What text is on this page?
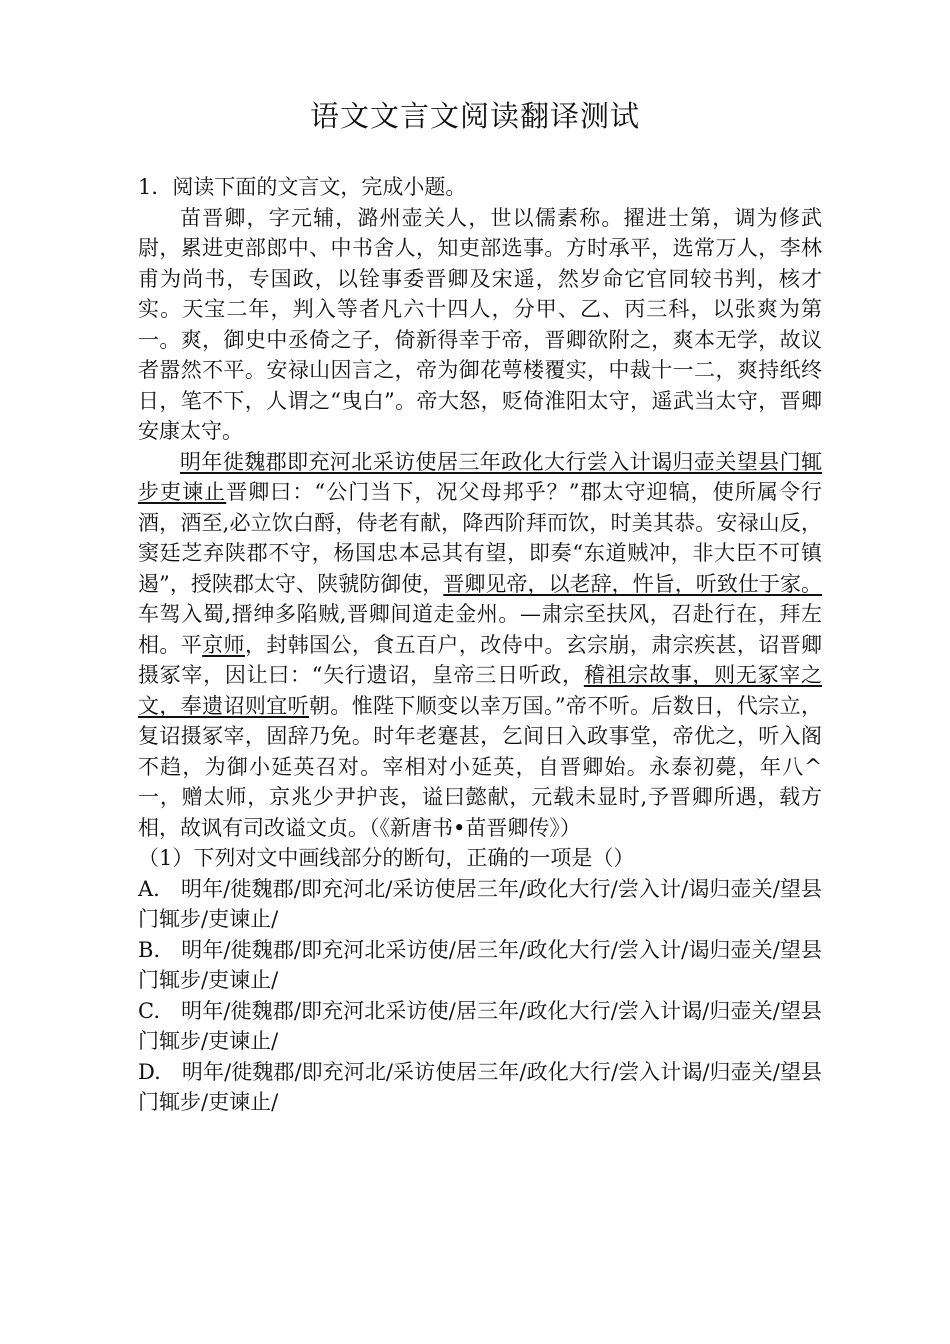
语文文言文阅读翻译测试

1．阅读下面的文言文，完成小题。

苗晋卿，字元辅，潞州壶关人，世以儒素称。擢进士第，调为修武尉，累进吏部郎中、中书舍人，知吏部选事。方时承平，选常万人，李林甫为尚书，专国政，以铨事委晋卿及宋遥，然岁命它官同较书判，核才实。天宝二年，判入等者凡六十四人，分甲、乙、丙三科，以张爽为第一。爽，御史中丞倚之子，倚新得幸于帝，晋卿欲附之，爽本无学，故议者嚣然不平。安禄山因言之，帝为御花萼楼覆实，中裁十一二，爽持纸终日，笔不下，人谓之“曳白”。帝大怒，贬倚淮阳太守，遥武当太守，晋卿安康太守。

明年徙魏郡即充河北采访使居三年政化大行尝入计谒归壶关望县门辄步吏谏止晋卿曰：“公门当下，况父母邦乎？”郡太守迎犒，使所属令行酒，酒至,必立饮白酹，侍老有献，降西阶拜而饮，时美其恭。安禄山反，窦廷芝弃陕郡不守，杨国忠本忌其有望，即奏“东道贼冲，非大臣不可镇遏”，授陕郡太守、陕虢防御使，晋卿见帝，以老辞，忤旨，听致仕于家。车驾入蜀,搢绅多陷贼,晋卿间道走金州。—肃宗至扶风，召赴行在，拜左相。平京师，封韩国公，食五百户，改侍中。玄宗崩，肃宗疾甚，诏晋卿摄冢宰，因让曰：“矢行遗诏，皇帝三日听政，稽祖宗故事，则无冢宰之文，奉遗诏则宜听朝。惟陛下顺变以幸万国。”帝不听。后数日，代宗立，复诏摄冢宰，固辞乃免。时年老蹇甚，乞间日入政事堂，帝优之，听入阁不趋，为御小延英召对。宰相对小延英，自晋卿始。永泰初薨，年八^一，赠太师，京兆少尹护丧，谥曰懿献，元载未显时,予晋卿所遇，载方相，故讽有司改谥文贞。（《新唐书•苗晋卿传》）

（1）下列对文中画线部分的断句，正确的一项是（）

A.　明年/徙魏郡/即充河北/采访使居三年/政化大行/尝入计/谒归壶关/望县门辄步/吏谏止/

B.　明年/徙魏郡/即充河北采访使/居三年/政化大行/尝入计/谒归壶关/望县门辄步/吏谏止/

C.　明年/徙魏郡/即充河北采访使/居三年/政化大行/尝入计谒/归壶关/望县门辄步/吏谏止/

D.　明年/徙魏郡/即充河北/采访使居三年/政化大行/尝入计谒/归壶关/望县门辄步/吏谏止/
